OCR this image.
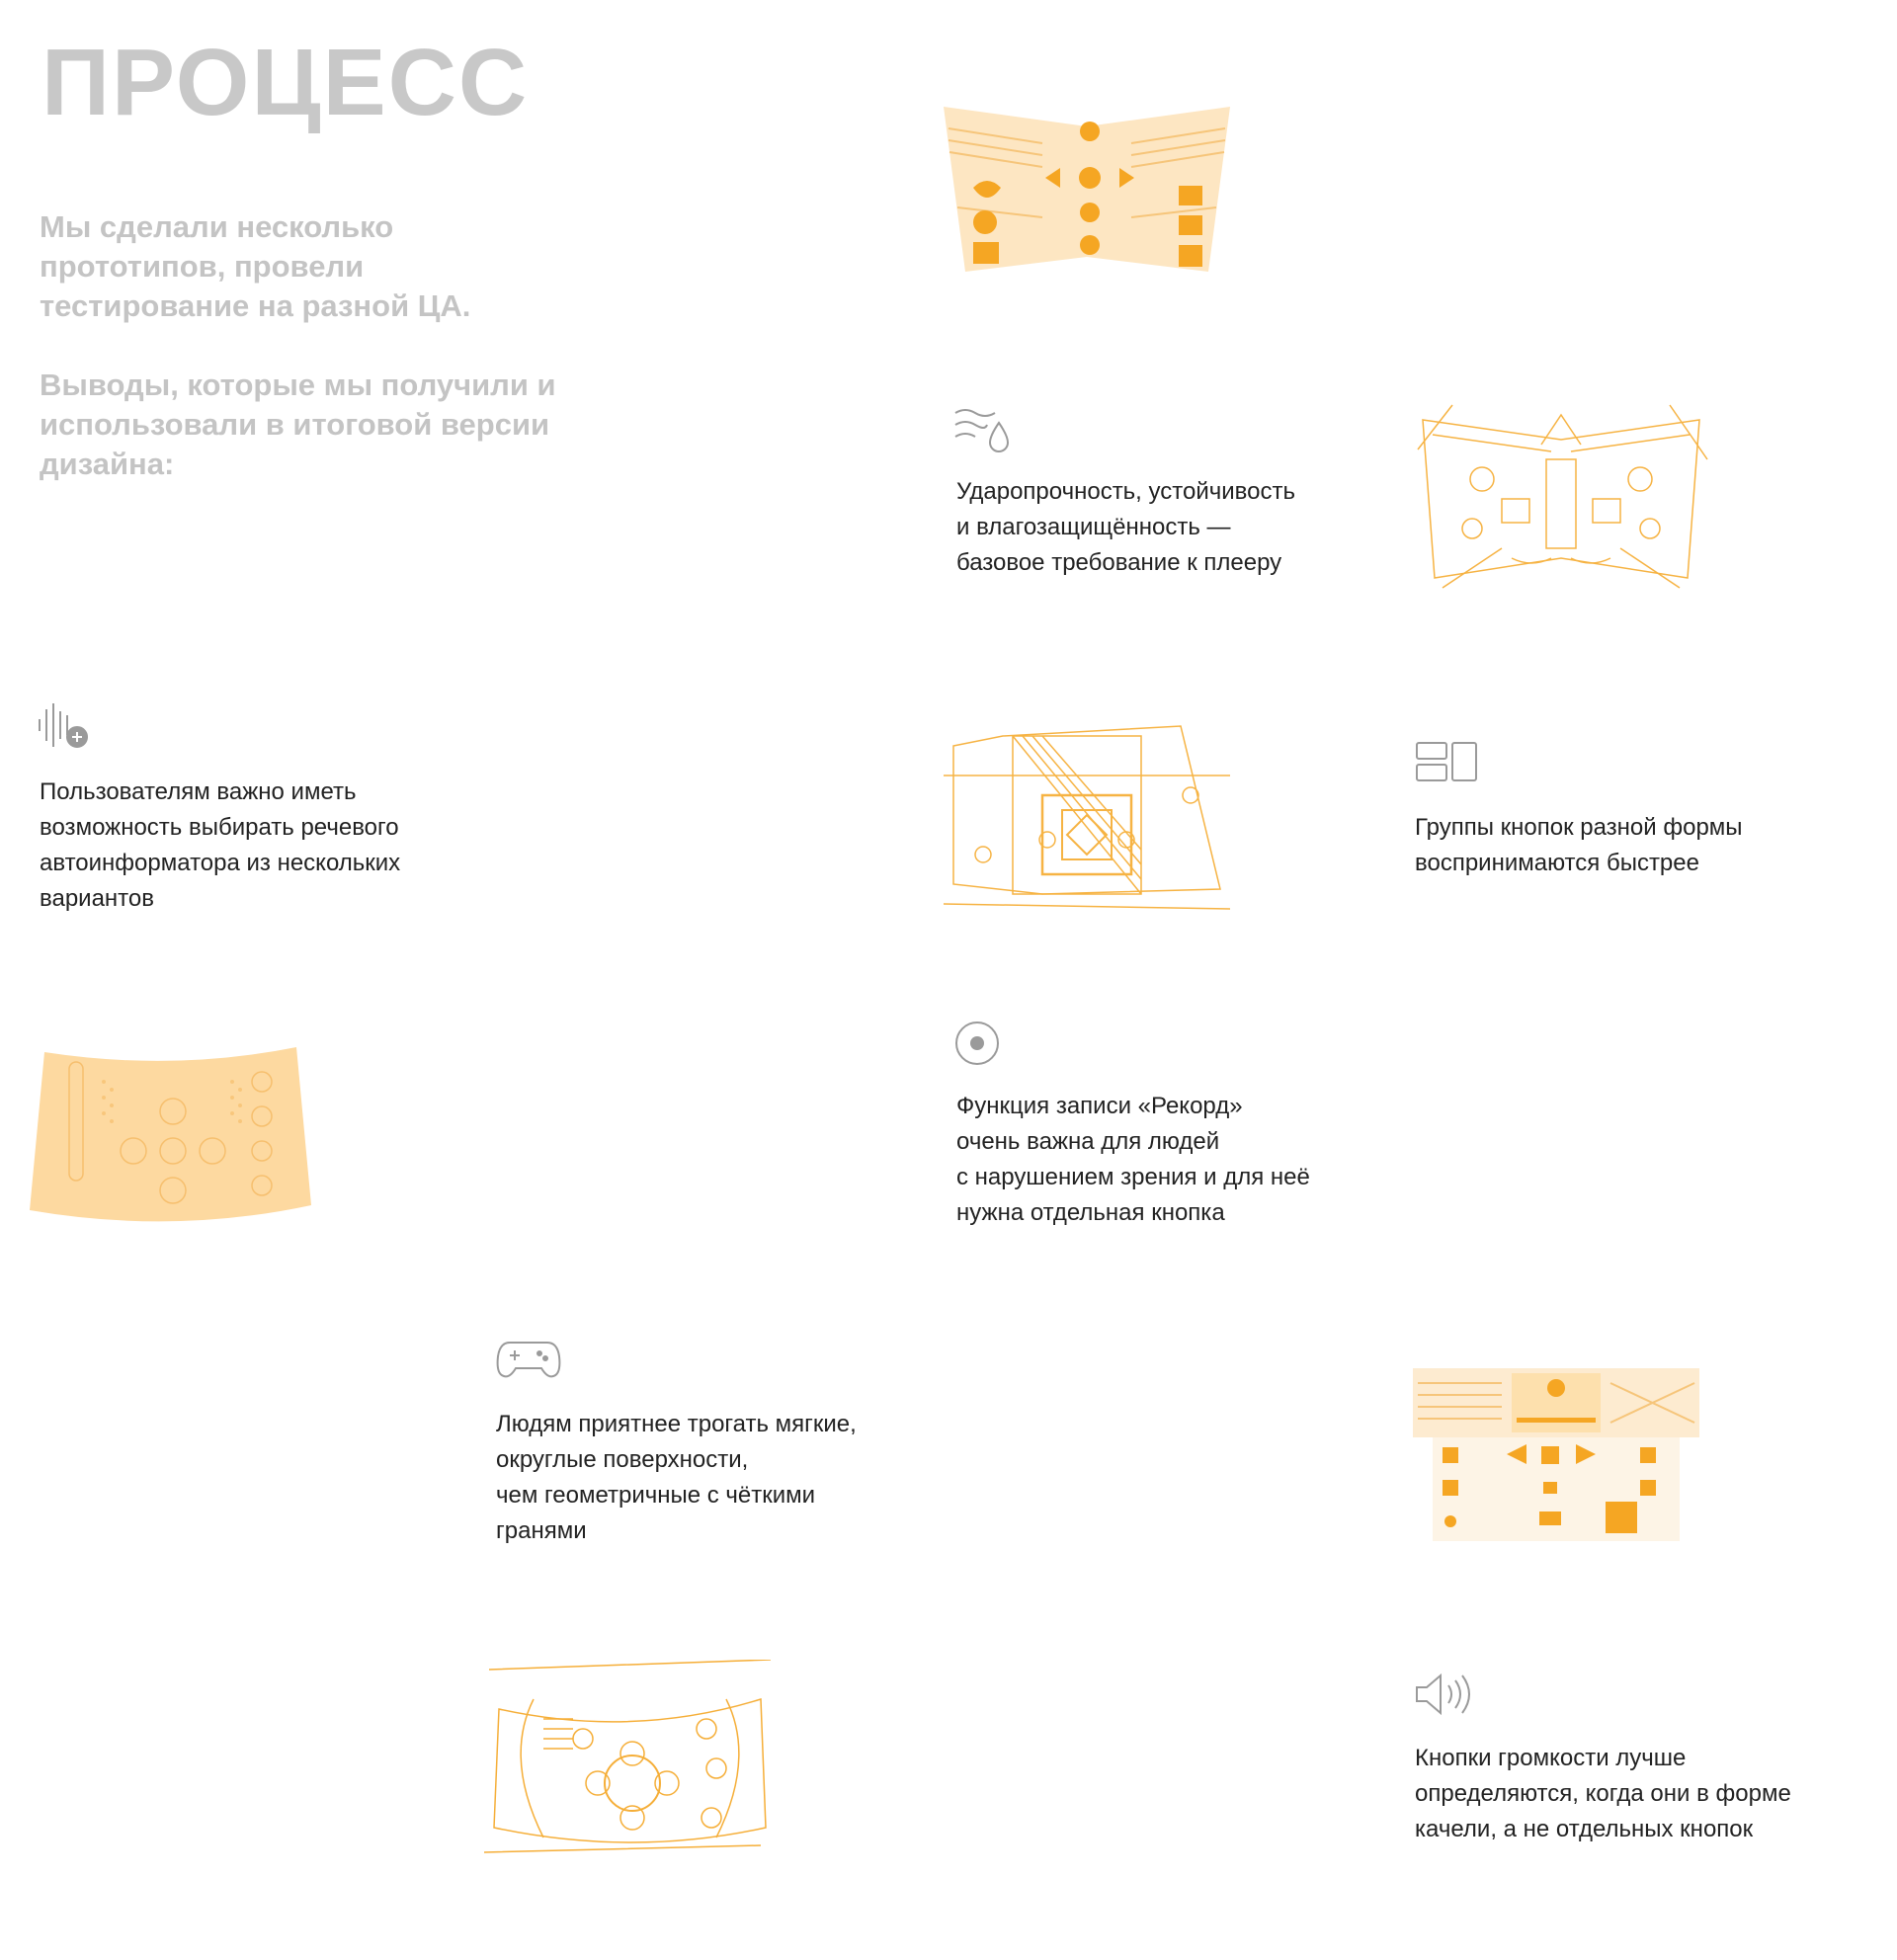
ПРОЦЕСС

Мы сделали несколько прототипов, провели тестирование на разной ЦА.

Выводы, которые мы получили и использовали в итоговой версии дизайна:

Ударопрочность, устойчивость
и влагозащищённость —
базовое требование к плееру
Пользователям важно иметь
возможность выбирать речевого
автоинформатора из нескольких
вариантов
Группы кнопок разной формы
воспринимаются быстрее
Функция записи «Рекорд»
очень важна для людей
с нарушением зрения и для неё
нужна отдельная кнопка
Людям приятнее трогать мягкие,
округлые поверхности,
чем геометричные с чёткими
гранями
Кнопки громкости лучше
определяются, когда они в форме
качели, а не отдельных кнопок
